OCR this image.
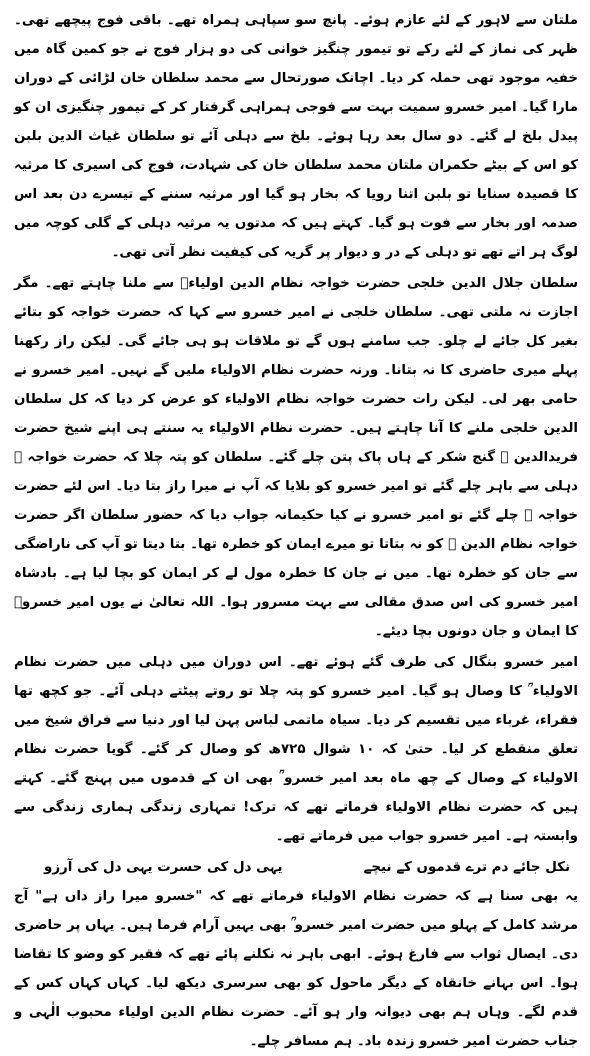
ملتان سے لاہور کے لئے عازم ہوئے۔ پانچ سو سپاہی ہمراہ تھے۔ باقی فوج پیچھے تھی۔ ظہر کی نماز کے لئے رکے تو تیمور چنگیز خوانی کی دو ہزار فوج نے جو کمین گاہ میں خفیہ موجود تھی حملہ کر دیا۔ اچانک صورتحال سے محمد سلطان خان لڑائی کے دوران مارا گیا۔ امیر خسرو سمیت بہت سے فوجی ہمراہی گرفتار کر کے تیمور چنگیزی ان کو پیدل بلخ لے گئے۔ دو سال بعد رہا ہوئے۔ بلخ سے دہلی آئے تو سلطان غیاث الدین بلبن کو اس کے بیٹے حکمران ملتان محمد سلطان خان کی شہادت، فوج کی اسیری کا مرثیہ کا قصیدہ سنایا تو بلبن اتنا رویا کہ بخار ہو گیا اور مرثیہ سننے کے تیسرے دن بعد اس صدمہ اور بخار سے فوت ہو گیا۔ کہتے ہیں کہ مدتوں یہ مرثیہ دہلی کے گلی کوچہ میں لوگ ہر اتے تھے تو دہلی کے در و دیوار پر گریہ کی کیفیت نظر آتی تھی۔

سلطان جلال الدین خلجی حضرت خواجہ نظام الدین اولیاءؒ سے ملنا چاہتے تھے۔ مگر اجازت نہ ملتی تھی۔ سلطان خلجی نے امیر خسرو سے کہا کہ حضرت خواجہ کو بتائے بغیر کل جائے لے چلو۔ جب سامنے ہوں گے تو ملاقات ہو ہی جائے گی۔ لیکن راز رکھنا پہلے میری حاضری کا نہ بتانا۔ ورنہ حضرت نظام الاولیاء ملیں گے نہیں۔ امیر خسرو نے حامی بھر لی۔ لیکن رات حضرت خواجہ نظام الاولیاء کو عرض کر دیا کہ کل سلطان الدین خلجی ملنے کا آنا چاہتے ہیں۔ حضرت نظام الاولیاء یہ سنتے ہی اپنے شیخ حضرت فریدالدین ؒ گنج شکر کے ہاں پاک پتن چلے گئے۔ سلطان کو پتہ چلا کہ حضرت خواجہ ؒ دہلی سے باہر چلے گئے تو امیر خسرو کو بلایا کہ آپ نے میرا راز بتا دیا۔ اس لئے حضرت خواجہ ؒ چلے گئے تو امیر خسرو نے کیا حکیمانہ جواب دیا کہ حضور سلطان اگر حضرت خواجہ نظام الدین ؒ کو نہ بتاتا تو میرے ایمان کو خطرہ تھا۔ بتا دیتا تو آپ کی ناراضگی سے جان کو خطرہ تھا۔ میں نے جان کا خطرہ مول لے کر ایمان کو بچا لیا ہے۔ بادشاہ امیر خسرو کی اس صدق مقالی سے بہت مسرور ہوا۔ اللہ تعالیٰ نے یوں امیر خسروؒ کا ایمان و جان دونوں بچا دیئے۔

امیر خسرو بنگال کی طرف گئے ہوئے تھے۔ اس دوران میں دہلی میں حضرت نظام الاولیاء ؒ کا وصال ہو گیا۔ امیر خسرو کو پتہ چلا تو روتے پیٹتے دہلی آئے۔ جو کچھ تھا فقراء، غرباء میں تقسیم کر دیا۔ سیاہ ماتمی لباس پہن لیا اور دنیا سے فراق شیخ میں تعلق منقطع کر لیا۔ حتیٰ کہ ۱۰ شوال ۷۲۵ھ کو وصال کر گئے۔ گویا حضرت نظام الاولیاء کے وصال کے چھ ماہ بعد امیر خسرو ؒ بھی ان کے قدموں میں پہنچ گئے۔ کہتے ہیں کہ حضرت نظام الاولیاء فرماتے تھے کہ ترک! تمہاری زندگی ہماری زندگی سے وابستہ ہے۔ امیر خسرو جواب میں فرماتے تھے۔

نکل جائے دم ترے قدموں کے نیچے
یہی دل کی حسرت یہی دل کی آرزو

یہ بھی سنا ہے کہ حضرت نظام الاولیاء فرماتے تھے کہ "خسرو میرا راز داں ہے" آج مرشد کامل کے پہلو میں حضرت امیر خسرو ؒ بھی یہیں آرام فرما ہیں۔ یہاں پر حاضری دی۔ ایصال ثواب سے فارغ ہوئے۔ ابھی باہر نہ نکلنے پائے تھے کہ فقیر کو وضو کا تقاضا ہوا۔ اس بہانے خانقاہ کے دیگر ماحول کو بھی سرسری دیکھ لیا۔ کہاں کہاں کس کے قدم لگے۔ وہاں ہم بھی دیوانہ وار ہو آئے۔ حضرت نظام الدین اولیاء محبوب الٰہی و جناب حضرت امیر خسرو زندہ باد۔ ہم مسافر چلے۔
